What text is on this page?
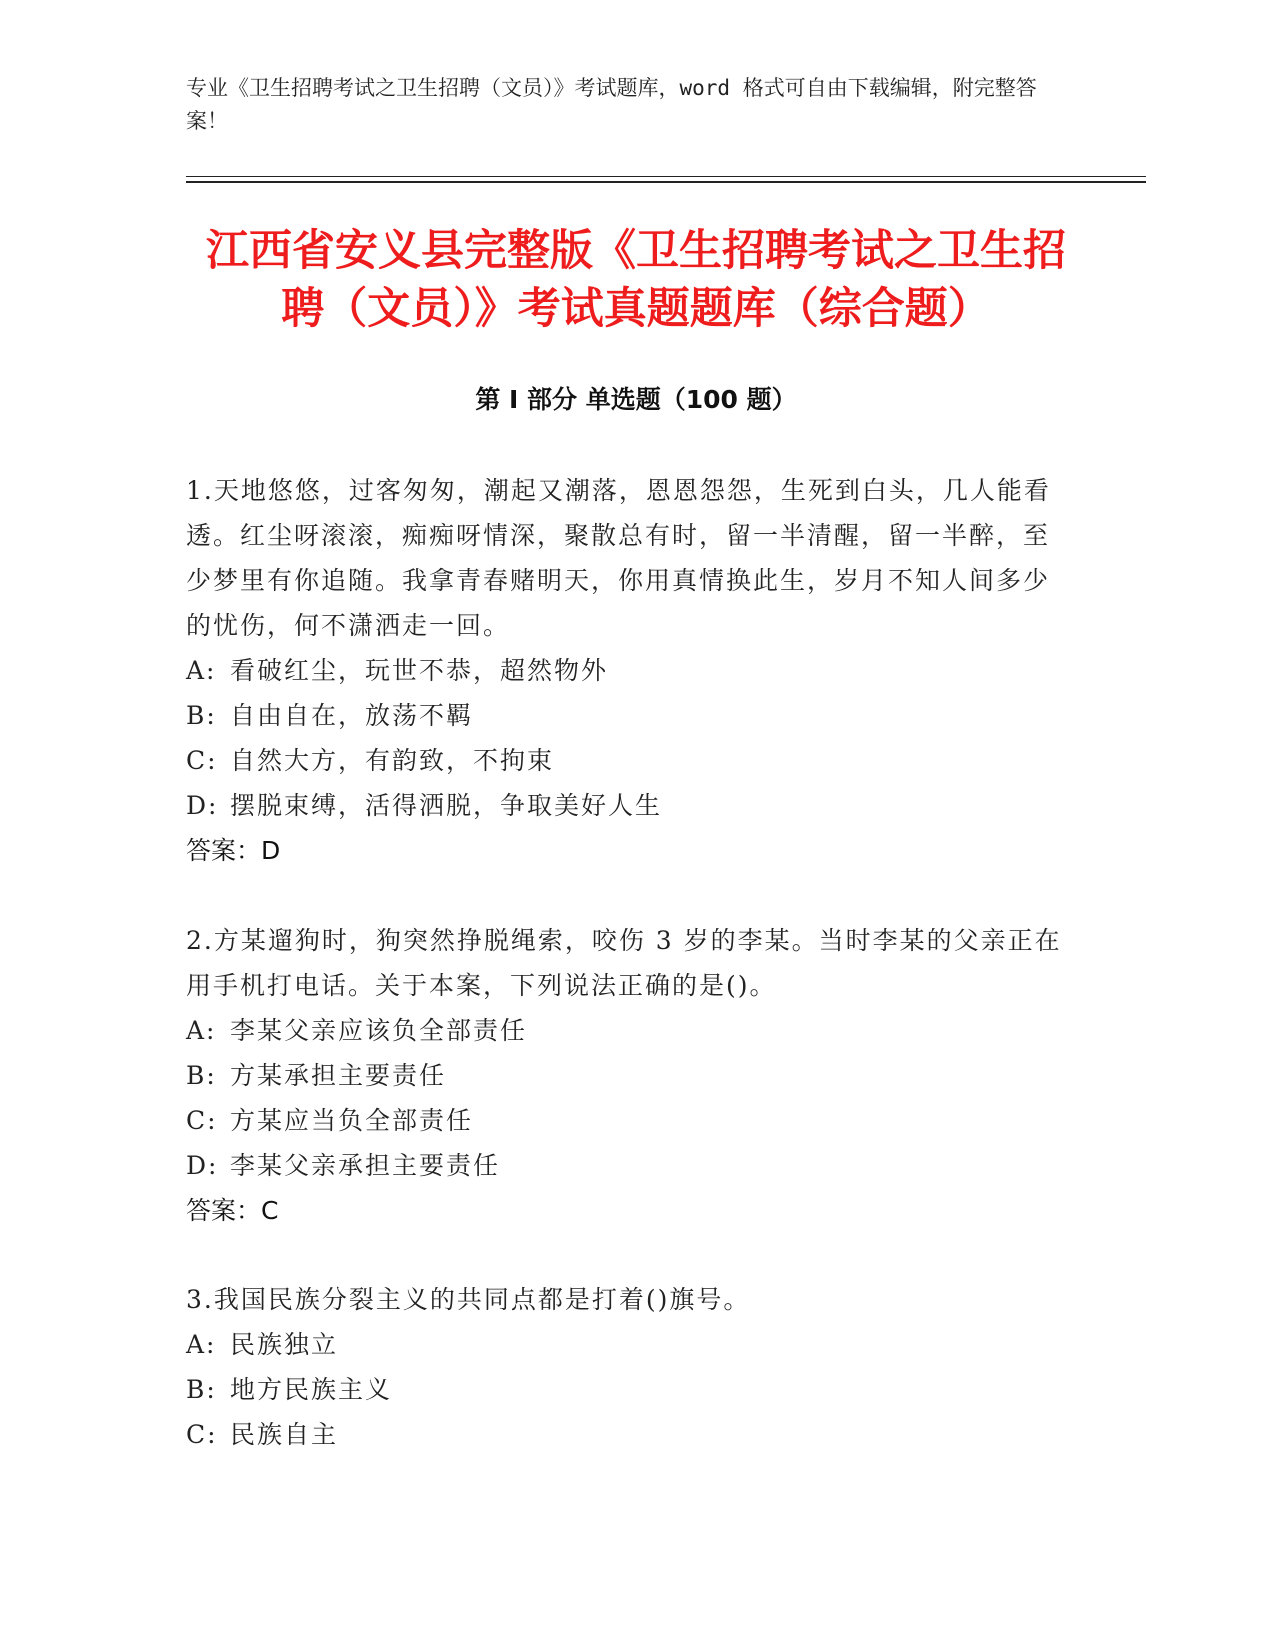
专业《卫生招聘考试之卫生招聘（文员）》考试题库，word 格式可自由下载编辑，附完整答案！
江西省安义县完整版《卫生招聘考试之卫生招聘（文员）》考试真题题库（综合题）
第 I 部分 单选题（100 题）

1.天地悠悠，过客匆匆，潮起又潮落，恩恩怨怨，生死到白头，几人能看透。红尘呀滚滚，痴痴呀情深，聚散总有时，留一半清醒，留一半醉，至少梦里有你追随。我拿青春赌明天，你用真情换此生，岁月不知人间多少的忧伤，何不潇洒走一回。

A: 看破红尘，玩世不恭，超然物外

B: 自由自在，放荡不羁

C: 自然大方，有韵致，不拘束

D: 摆脱束缚，活得洒脱，争取美好人生

答案：D

2.方某遛狗时，狗突然挣脱绳索，咬伤 3 岁的李某。当时李某的父亲正在用手机打电话。关于本案，下列说法正确的是()。

A: 李某父亲应该负全部责任

B: 方某承担主要责任

C: 方某应当负全部责任

D: 李某父亲承担主要责任

答案：C

3.我国民族分裂主义的共同点都是打着()旗号。

A: 民族独立

B: 地方民族主义

C: 民族自主
